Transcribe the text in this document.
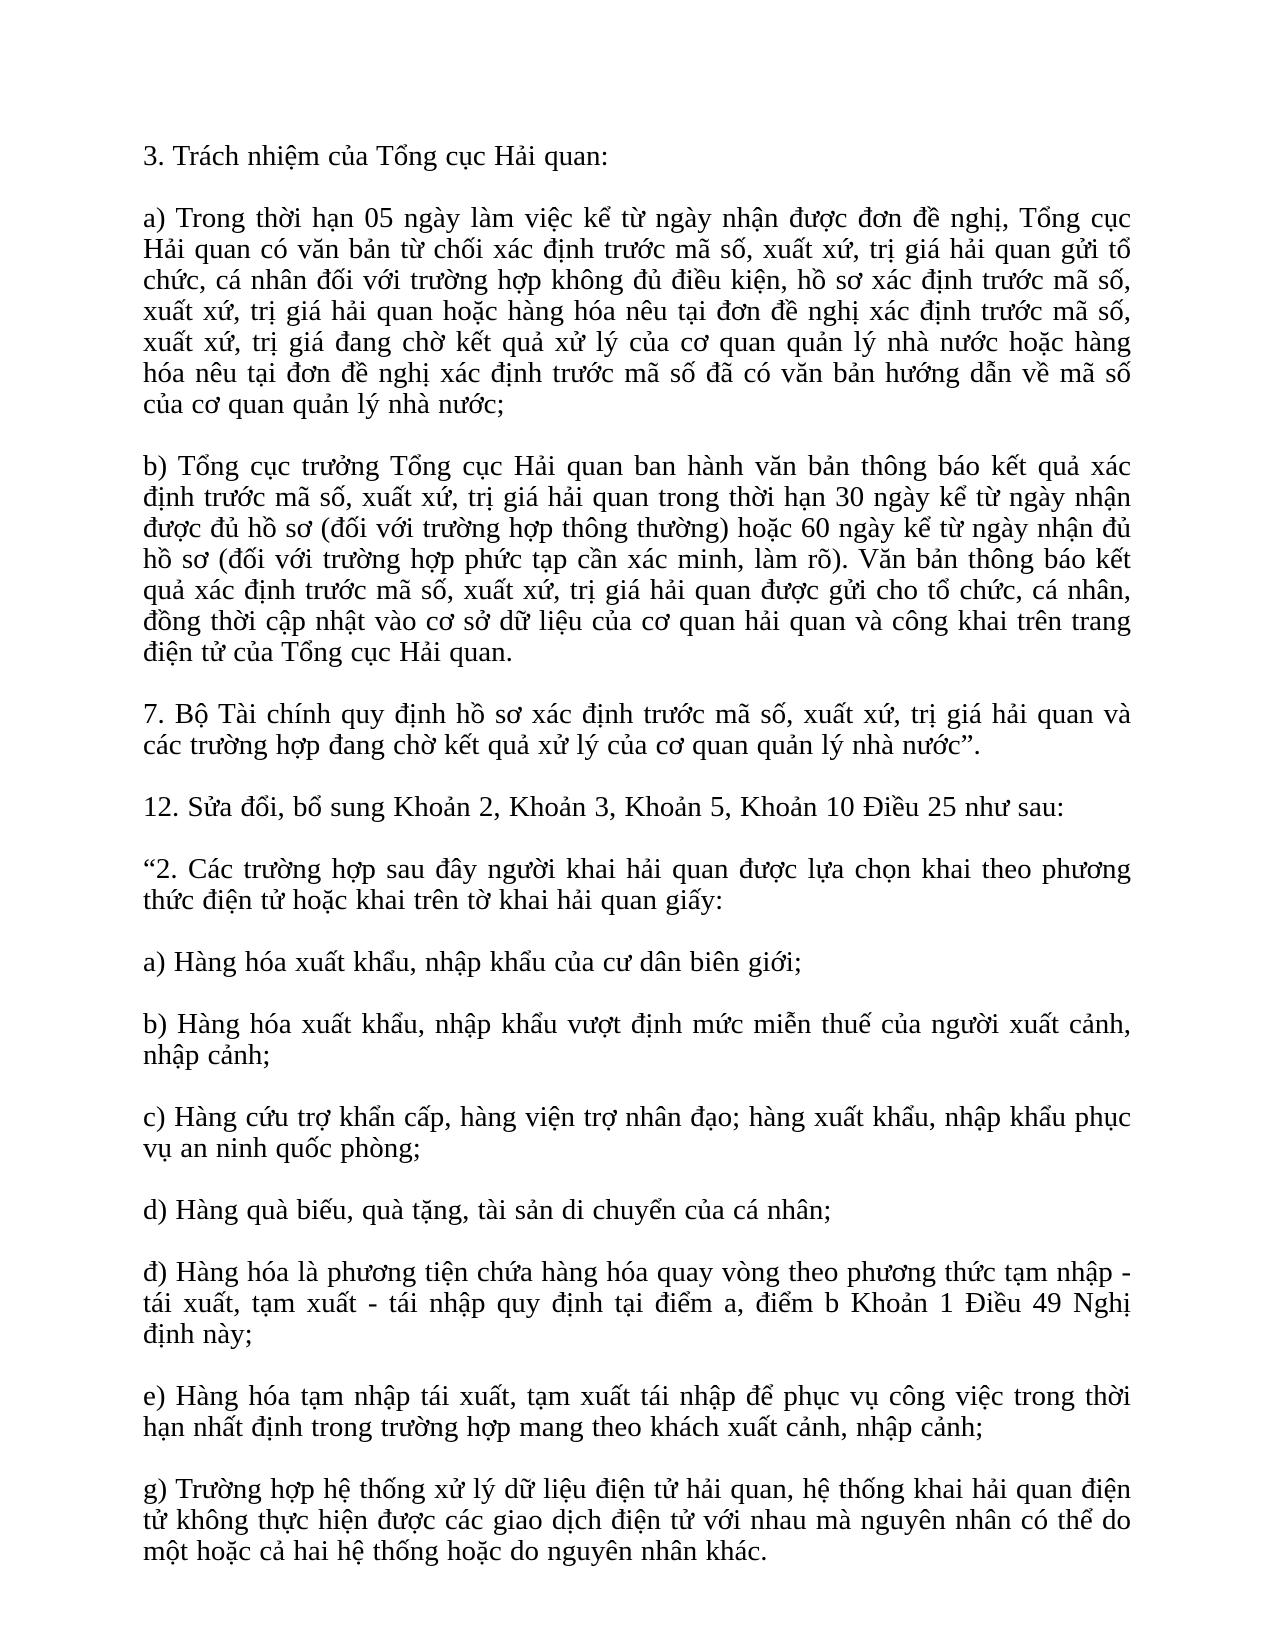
3. Trách nhiệm của Tổng cục Hải quan:

a) Trong thời hạn 05 ngày làm việc kể từ ngày nhận được đơn đề nghị, Tổng cục Hải quan có văn bản từ chối xác định trước mã số, xuất xứ, trị giá hải quan gửi tổ chức, cá nhân đối với trường hợp không đủ điều kiện, hồ sơ xác định trước mã số, xuất xứ, trị giá hải quan hoặc hàng hóa nêu tại đơn đề nghị xác định trước mã số, xuất xứ, trị giá đang chờ kết quả xử lý của cơ quan quản lý nhà nước hoặc hàng hóa nêu tại đơn đề nghị xác định trước mã số đã có văn bản hướng dẫn về mã số của cơ quan quản lý nhà nước;

b) Tổng cục trưởng Tổng cục Hải quan ban hành văn bản thông báo kết quả xác định trước mã số, xuất xứ, trị giá hải quan trong thời hạn 30 ngày kể từ ngày nhận được đủ hồ sơ (đối với trường hợp thông thường) hoặc 60 ngày kể từ ngày nhận đủ hồ sơ (đối với trường hợp phức tạp cần xác minh, làm rõ). Văn bản thông báo kết quả xác định trước mã số, xuất xứ, trị giá hải quan được gửi cho tổ chức, cá nhân, đồng thời cập nhật vào cơ sở dữ liệu của cơ quan hải quan và công khai trên trang điện tử của Tổng cục Hải quan.

7. Bộ Tài chính quy định hồ sơ xác định trước mã số, xuất xứ, trị giá hải quan và các trường hợp đang chờ kết quả xử lý của cơ quan quản lý nhà nước”.

12. Sửa đổi, bổ sung Khoản 2, Khoản 3, Khoản 5, Khoản 10 Điều 25 như sau:

“2. Các trường hợp sau đây người khai hải quan được lựa chọn khai theo phương thức điện tử hoặc khai trên tờ khai hải quan giấy:

a) Hàng hóa xuất khẩu, nhập khẩu của cư dân biên giới;

b) Hàng hóa xuất khẩu, nhập khẩu vượt định mức miễn thuế của người xuất cảnh, nhập cảnh;

c) Hàng cứu trợ khẩn cấp, hàng viện trợ nhân đạo; hàng xuất khẩu, nhập khẩu phục vụ an ninh quốc phòng;

d) Hàng quà biếu, quà tặng, tài sản di chuyển của cá nhân;

đ) Hàng hóa là phương tiện chứa hàng hóa quay vòng theo phương thức tạm nhập - tái xuất, tạm xuất - tái nhập quy định tại điểm a, điểm b Khoản 1 Điều 49 Nghị định này;

e) Hàng hóa tạm nhập tái xuất, tạm xuất tái nhập để phục vụ công việc trong thời hạn nhất định trong trường hợp mang theo khách xuất cảnh, nhập cảnh;

g) Trường hợp hệ thống xử lý dữ liệu điện tử hải quan, hệ thống khai hải quan điện tử không thực hiện được các giao dịch điện tử với nhau mà nguyên nhân có thể do một hoặc cả hai hệ thống hoặc do nguyên nhân khác.
